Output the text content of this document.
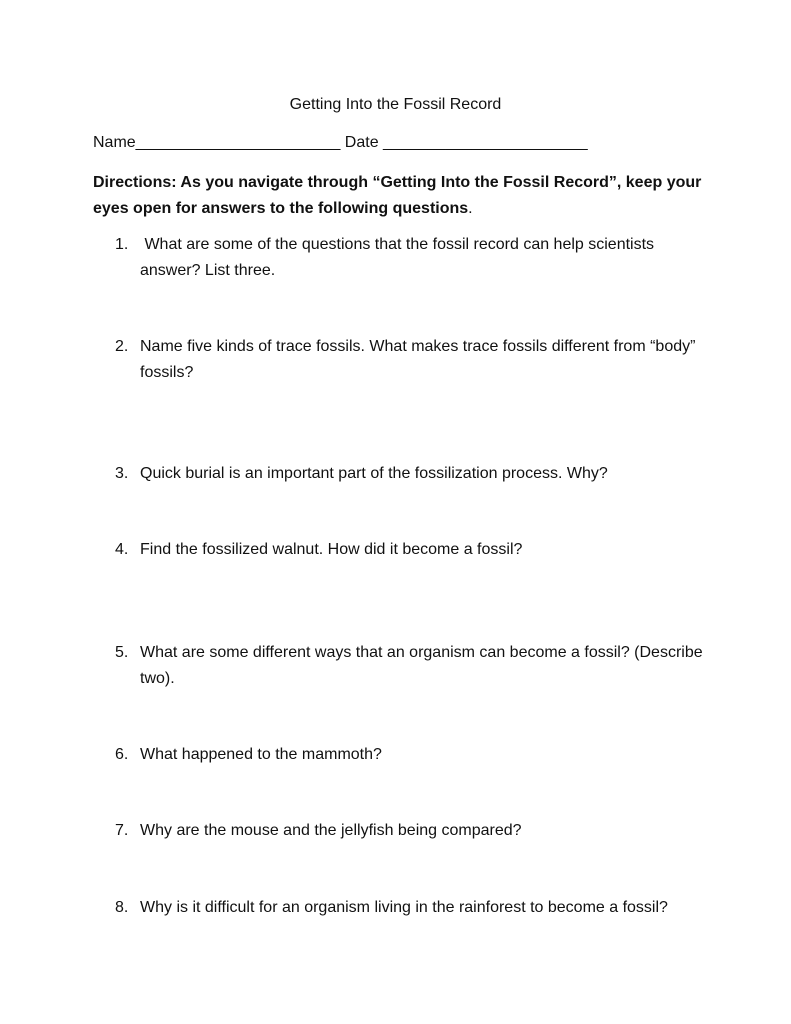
Getting Into the Fossil Record
Name_______________________ Date _______________________
Directions: As you navigate through “Getting Into the Fossil Record”, keep your eyes open for answers to the following questions.
1. What are some of the questions that the fossil record can help scientists answer? List three.
2. Name five kinds of trace fossils. What makes trace fossils different from “body” fossils?
3. Quick burial is an important part of the fossilization process. Why?
4. Find the fossilized walnut. How did it become a fossil?
5. What are some different ways that an organism can become a fossil? (Describe two).
6. What happened to the mammoth?
7. Why are the mouse and the jellyfish being compared?
8. Why is it difficult for an organism living in the rainforest to become a fossil?
